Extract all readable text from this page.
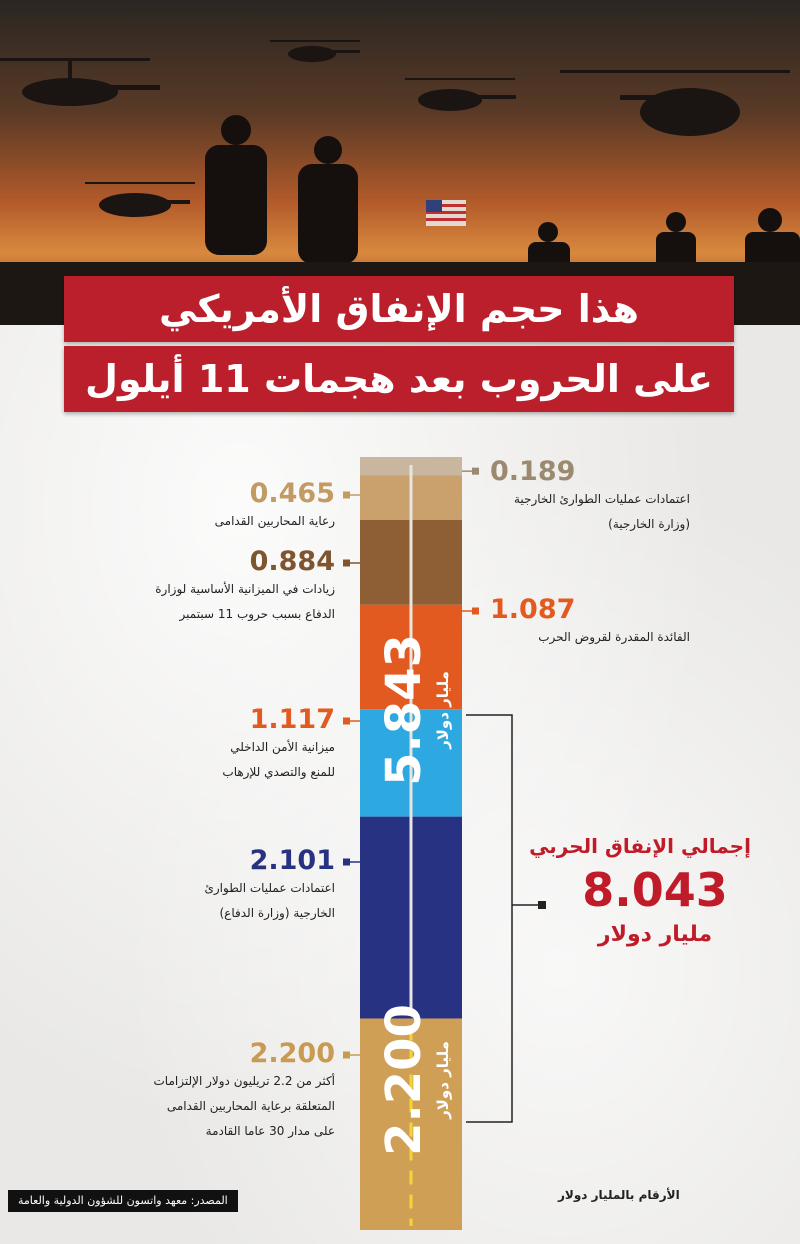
هذا حجم الإنفاق الأمريكي
على الحروب بعد هجمات 11 أيلول
5.843 مليار دولار
2.200 مليار دولار
0.189
اعتمادات عمليات الطوارئ الخارجية
(وزارة الخارجية)
0.465
رعاية المحاربين القدامى
0.884
زيادات في الميزانية الأساسية لوزارة
الدفاع بسبب حروب 11 سبتمبر	1.087
الفائدة المقدرة لقروض الحرب
1.117
ميزانية الأمن الداخلي
للمنع والتصدي للإرهاب
2.101
اعتمادات عمليات الطوارئ
الخارجية (وزارة الدفاع)
2.200
أكثر من 2.2 تريليون دولار الإلتزامات
المتعلقة برعاية المحاربين القدامى
على مدار 30 عاما القادمة
إجمالي الإنفاق الحربي
8.043
مليار دولار
المصدر: معهد واتسون للشؤون الدولية والعامة	الأرقام بالمليار دولار
